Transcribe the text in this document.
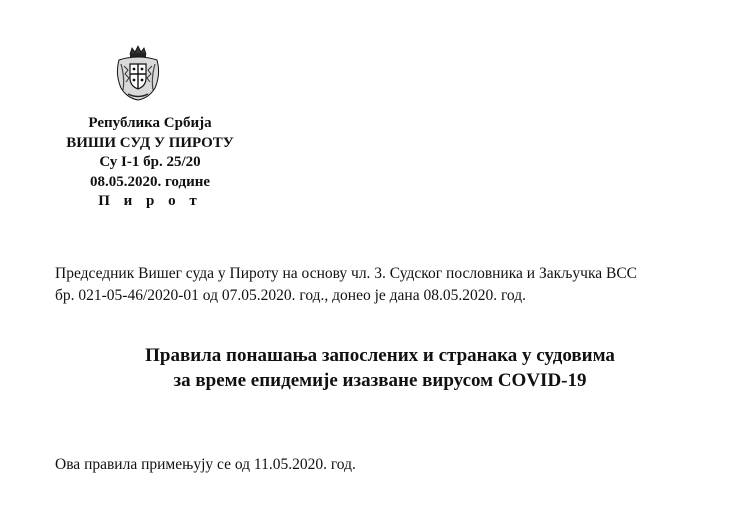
Република Србија
ВИШИ СУД У ПИРОТУ
Су I-1 бр. 25/20
08.05.2020. године
П и р о т
Председник Вишег суда у Пироту на основу чл. 3. Судског пословника и Закључка ВСС
бр. 021-05-46/2020-01 од 07.05.2020. год., донео је дана 08.05.2020. год.
Правила понашања запослених и странака у судовима
за време епидемије изазване вирусом COVID-19
Ова правила примењују се од 11.05.2020. год.
